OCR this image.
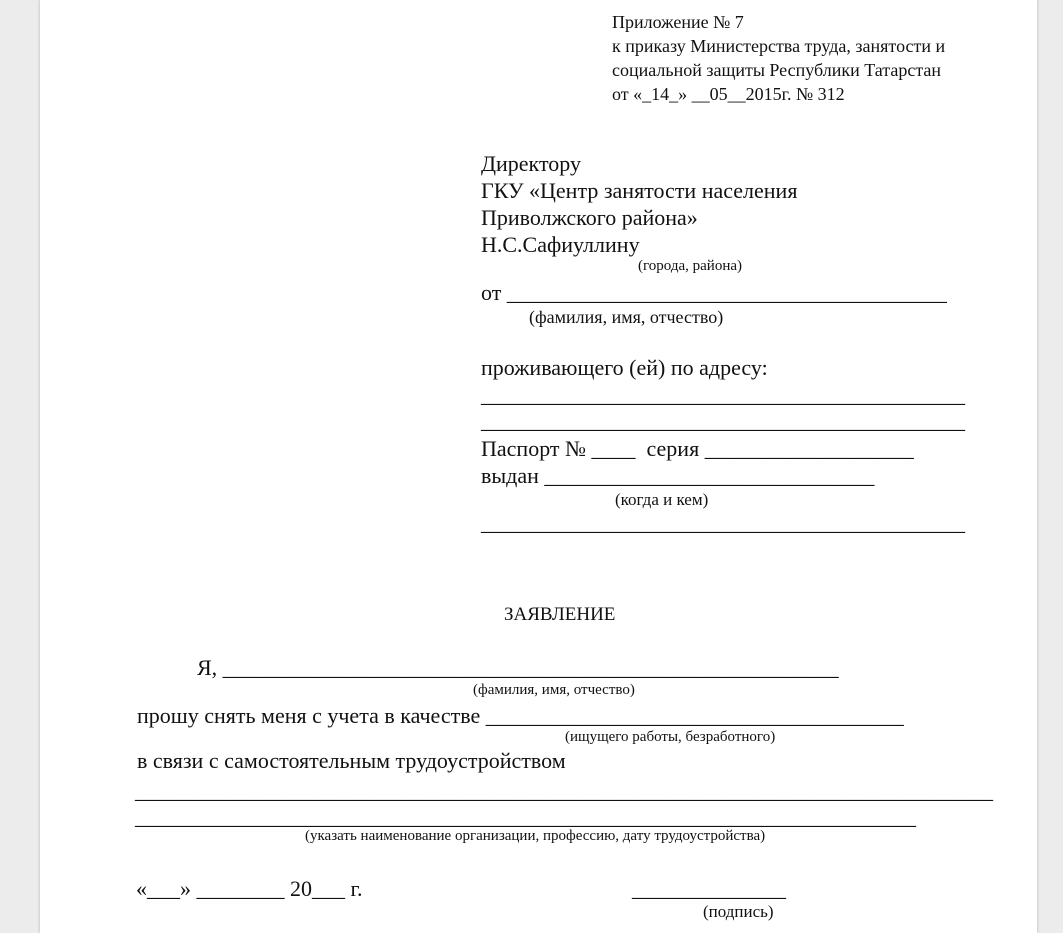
Приложение № 7
к приказу Министерства труда, занятости и
социальной защиты Республики Татарстан
от «_14_» __05__2015г. № 312
Директору
ГКУ «Центр занятости населения
Приволжского района»
Н.С.Сафиуллину
(города, района)
от ________________________________________
(фамилия, имя, отчество)
проживающего (ей) по адресу:
____________________________________________
____________________________________________
Паспорт № ____  серия ___________________
выдан ______________________________
(когда и кем)
____________________________________________
ЗАЯВЛЕНИЕ
Я, ________________________________________________________
(фамилия, имя, отчество)
прошу снять меня с учета в качестве ______________________________________
(ищущего работы, безработного)
в связи с самостоятельным трудоустройством
______________________________________________________________________________
_______________________________________________________________________
(указать наименование организации, профессию, дату трудоустройства)
«___» ________ 20___ г.	______________
(подпись)
